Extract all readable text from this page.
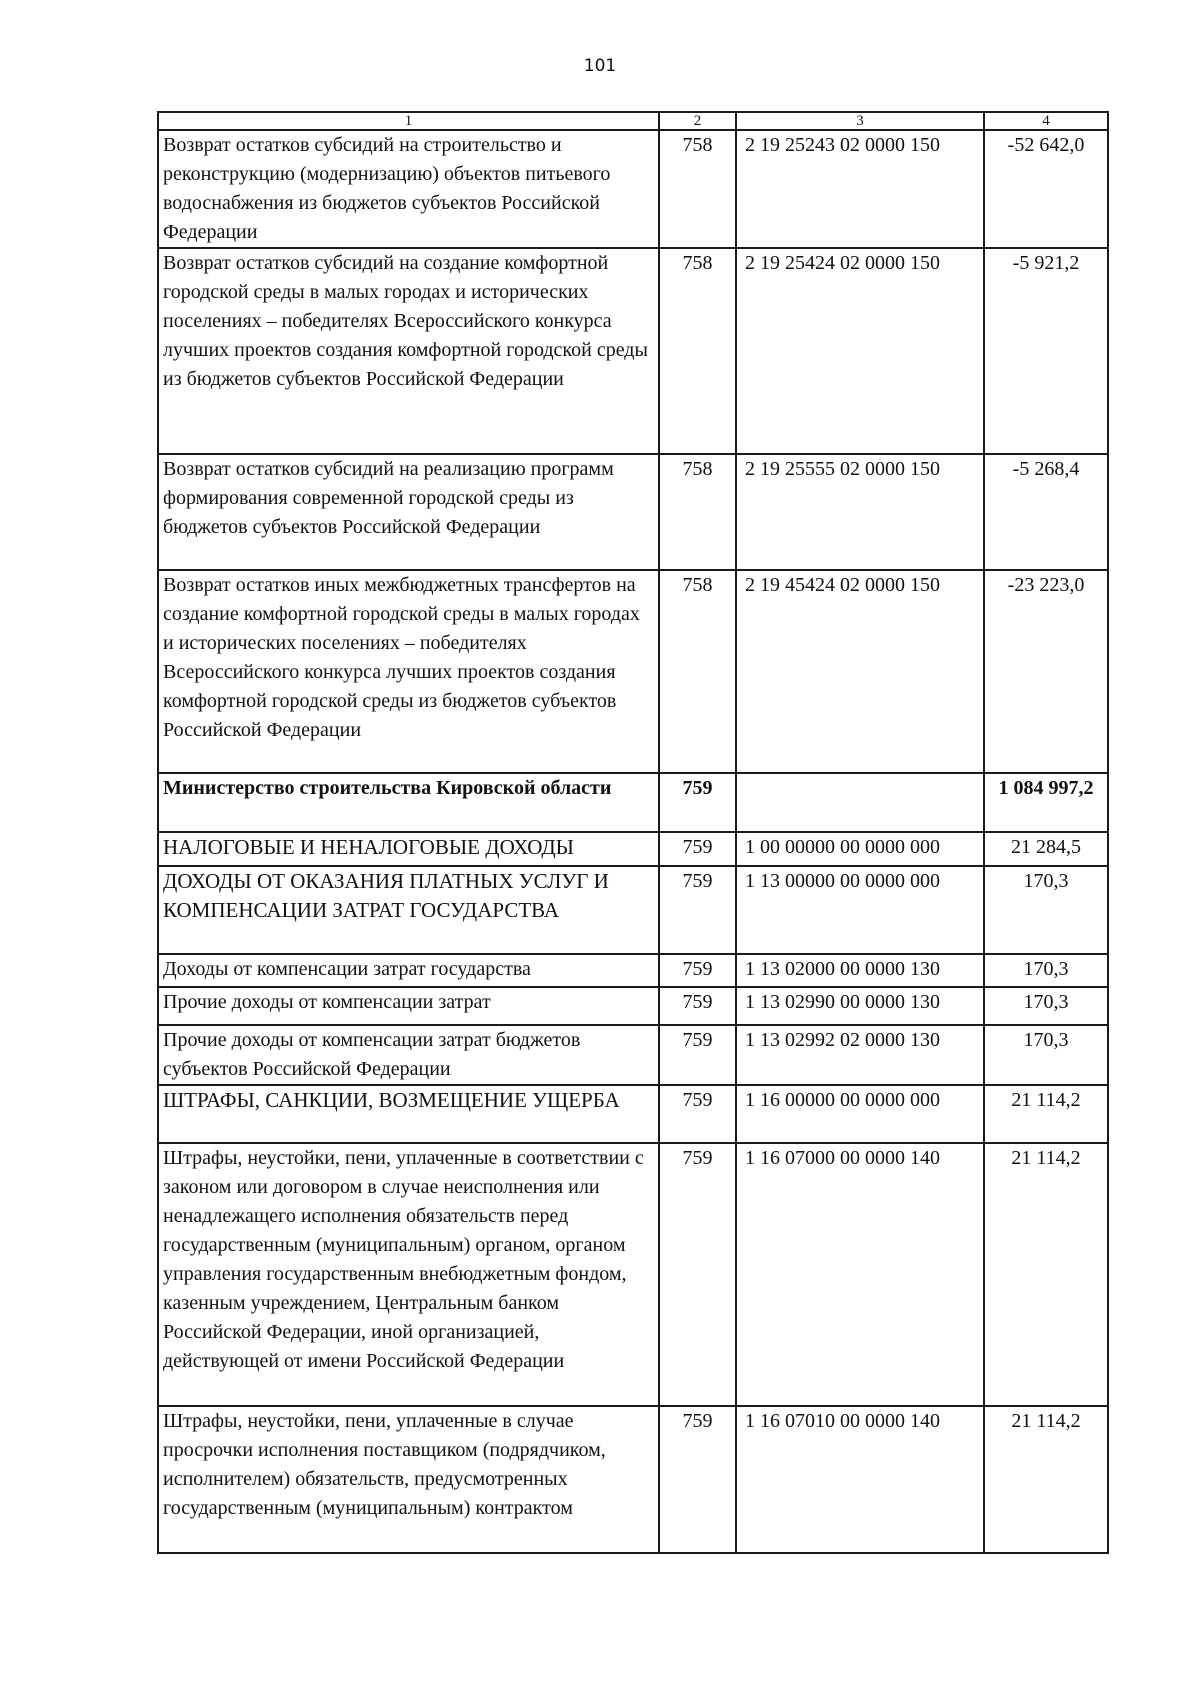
101
1	2	3	4
Возврат остатков субсидий на строительство и реконструкцию (модернизацию) объектов питьевого водоснабжения из бюджетов субъектов Российской Федерации	758	2 19 25243 02 0000 150	-52 642,0
Возврат остатков субсидий на создание комфортной городской среды в малых городах и исторических поселениях – победителях Всероссийского конкурса лучших проектов создания комфортной городской среды из бюджетов субъектов Российской Федерации	758	2 19 25424 02 0000 150	-5 921,2
Возврат остатков субсидий на реализацию программ формирования современной городской среды из бюджетов субъектов Российской Федерации	758	2 19 25555 02 0000 150	-5 268,4
Возврат остатков иных межбюджетных трансфертов на создание комфортной городской среды в малых городах и исторических поселениях – победителях Всероссийского конкурса лучших проектов создания комфортной городской среды из бюджетов субъектов Российской Федерации	758	2 19 45424 02 0000 150	-23 223,0
Министерство строительства Кировской области	759		1 084 997,2
НАЛОГОВЫЕ И НЕНАЛОГОВЫЕ ДОХОДЫ	759	1 00 00000 00 0000 000	21 284,5
ДОХОДЫ ОТ ОКАЗАНИЯ ПЛАТНЫХ УСЛУГ И КОМПЕНСАЦИИ ЗАТРАТ ГОСУДАРСТВА	759	1 13 00000 00 0000 000	170,3
Доходы от компенсации затрат государства	759	1 13 02000 00 0000 130	170,3
Прочие доходы от компенсации затрат	759	1 13 02990 00 0000 130	170,3
Прочие доходы от компенсации затрат бюджетов субъектов Российской Федерации	759	1 13 02992 02 0000 130	170,3
ШТРАФЫ, САНКЦИИ, ВОЗМЕЩЕНИЕ УЩЕРБА	759	1 16 00000 00 0000 000	21 114,2
Штрафы, неустойки, пени, уплаченные в соответствии с законом или договором в случае неисполнения или ненадлежащего исполнения обязательств перед государственным (муниципальным) органом, органом управления государственным внебюджетным фондом, казенным учреждением, Центральным банком Российской Федерации, иной организацией, действующей от имени Российской Федерации	759	1 16 07000 00 0000 140	21 114,2
Штрафы, неустойки, пени, уплаченные в случае просрочки исполнения поставщиком (подрядчиком, исполнителем) обязательств, предусмотренных государственным (муниципальным) контрактом	759	1 16 07010 00 0000 140	21 114,2
